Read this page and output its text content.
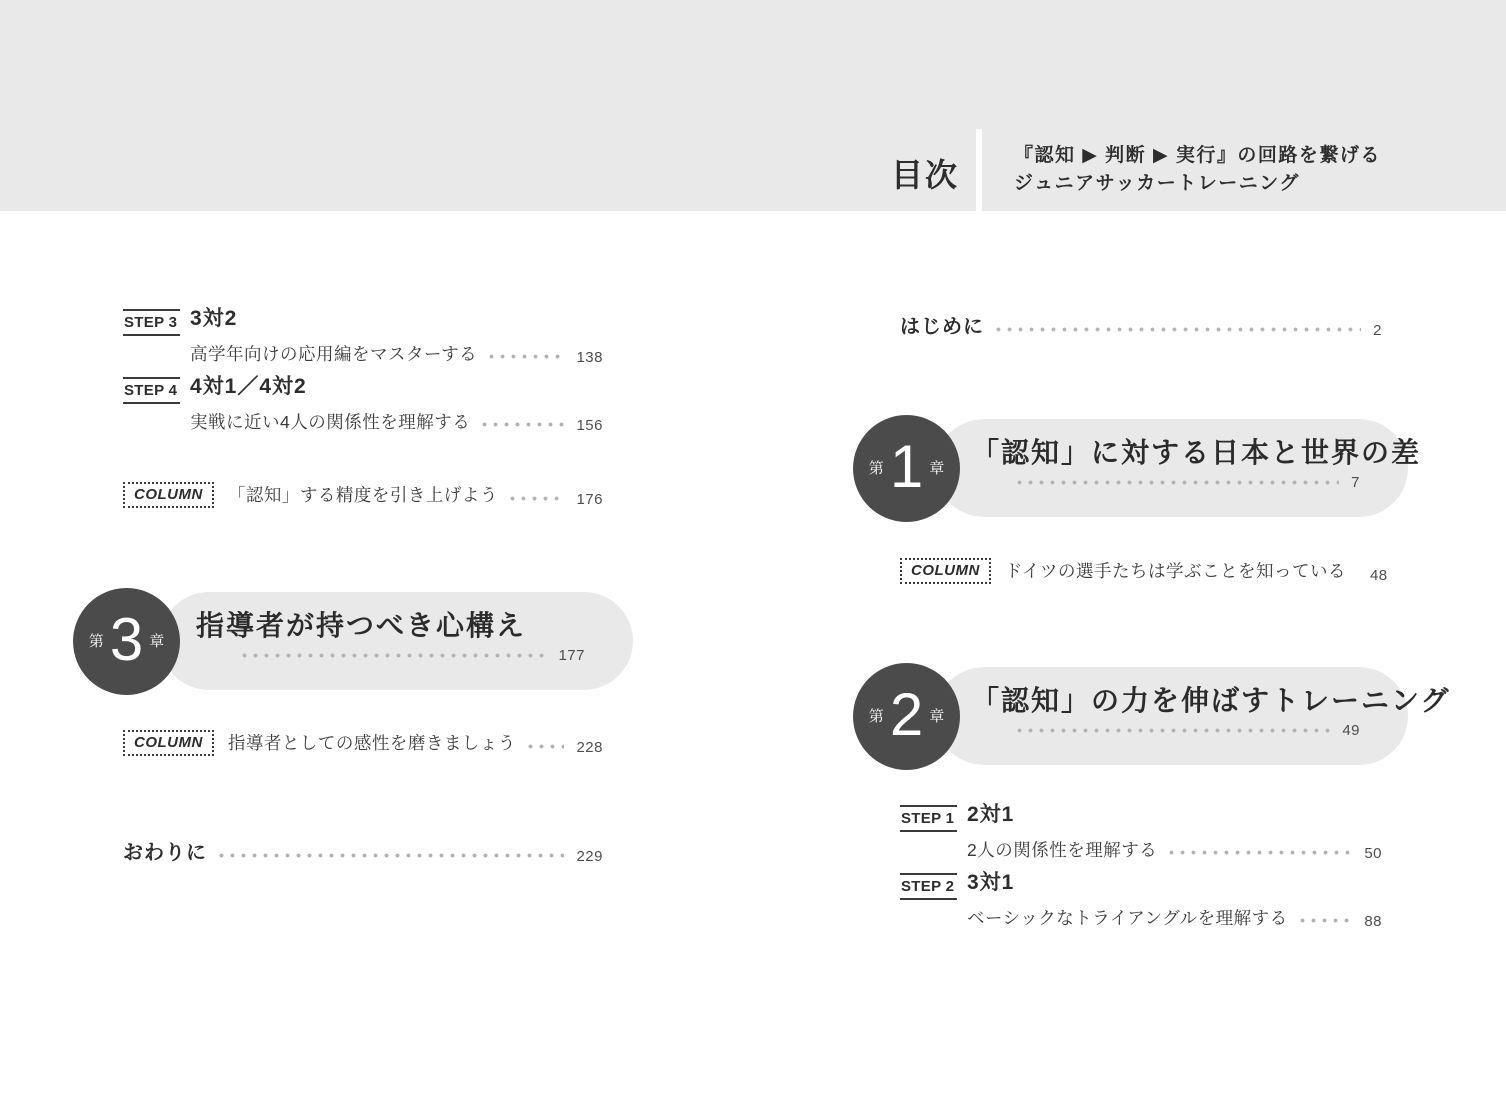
目次
『認知 ▶ 判断 ▶ 実行』の回路を繋げる
ジュニアサッカートレーニング
STEP 3 3対2
高学年向けの応用編をマスターする	138
STEP 4 4対1／4対2
実戦に近い4人の関係性を理解する	156
COLUMN	「認知」する精度を引き上げよう	176
第 3 章
指導者が持つべき心構え
177
COLUMN	指導者としての感性を磨きましょう	228
おわりに	229
はじめに	2
第 1 章
「認知」に対する日本と世界の差
7
COLUMN	ドイツの選手たちは学ぶことを知っている 48
第 2 章
「認知」の力を伸ばすトレーニング
49
STEP 1 2対1
2人の関係性を理解する	50
STEP 2 3対1
ベーシックなトライアングルを理解する	88
